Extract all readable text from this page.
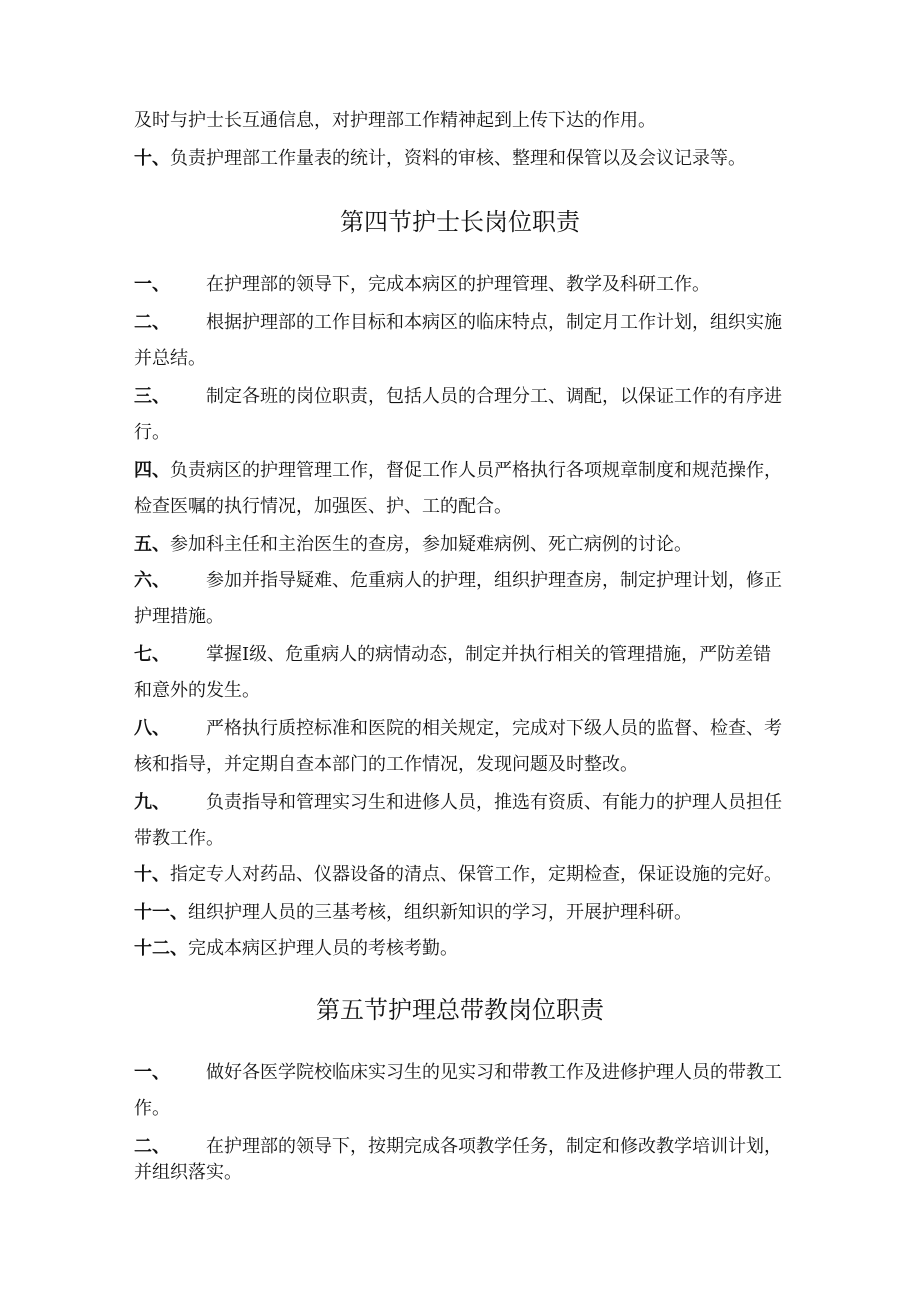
及时与护士长互通信息，对护理部工作精神起到上传下达的作用。
十、负责护理部工作量表的统计，资料的审核、整理和保管以及会议记录等。
第四节护士长岗位职责
一、 在护理部的领导下，完成本病区的护理管理、教学及科研工作。
二、 根据护理部的工作目标和本病区的临床特点，制定月工作计划，组织实施
并总结。
三、 制定各班的岗位职责，包括人员的合理分工、调配，以保证工作的有序进
行。
四、负责病区的护理管理工作，督促工作人员严格执行各项规章制度和规范操作，
检查医嘱的执行情况，加强医、护、工的配合。
五、参加科主任和主治医生的查房，参加疑难病例、死亡病例的讨论。
六、 参加并指导疑难、危重病人的护理，组织护理查房，制定护理计划，修正
护理措施。
七、 掌握Ⅰ级、危重病人的病情动态，制定并执行相关的管理措施，严防差错
和意外的发生。
八、 严格执行质控标准和医院的相关规定，完成对下级人员的监督、检查、考
核和指导，并定期自查本部门的工作情况，发现问题及时整改。
九、 负责指导和管理实习生和进修人员，推选有资质、有能力的护理人员担任
带教工作。
十、指定专人对药品、仪器设备的清点、保管工作，定期检查，保证设施的完好。
十一、组织护理人员的三基考核，组织新知识的学习，开展护理科研。
十二、完成本病区护理人员的考核考勤。
第五节护理总带教岗位职责
一、 做好各医学院校临床实习生的见实习和带教工作及进修护理人员的带教工
作。
二、 在护理部的领导下，按期完成各项教学任务，制定和修改教学培训计划，
并组织落实。
